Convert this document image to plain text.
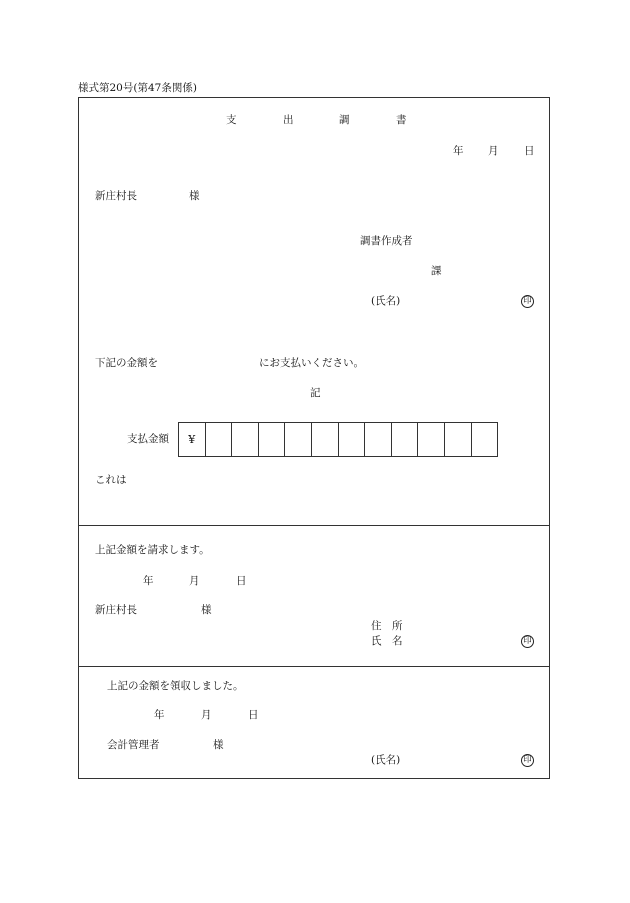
様式第20号(第47条関係)
支	出	調	書
年 月 日
新庄村長	様
調書作成者
課
(氏名)	印
下記の金額を	にお支払いください。
記
支払金額	¥
これは
上記金額を請求します。
年	月	日
新庄村長	様
住　所
氏　名	印
上記の金額を領収しました。
年	月	日
会計管理者	様
(氏名)	印
